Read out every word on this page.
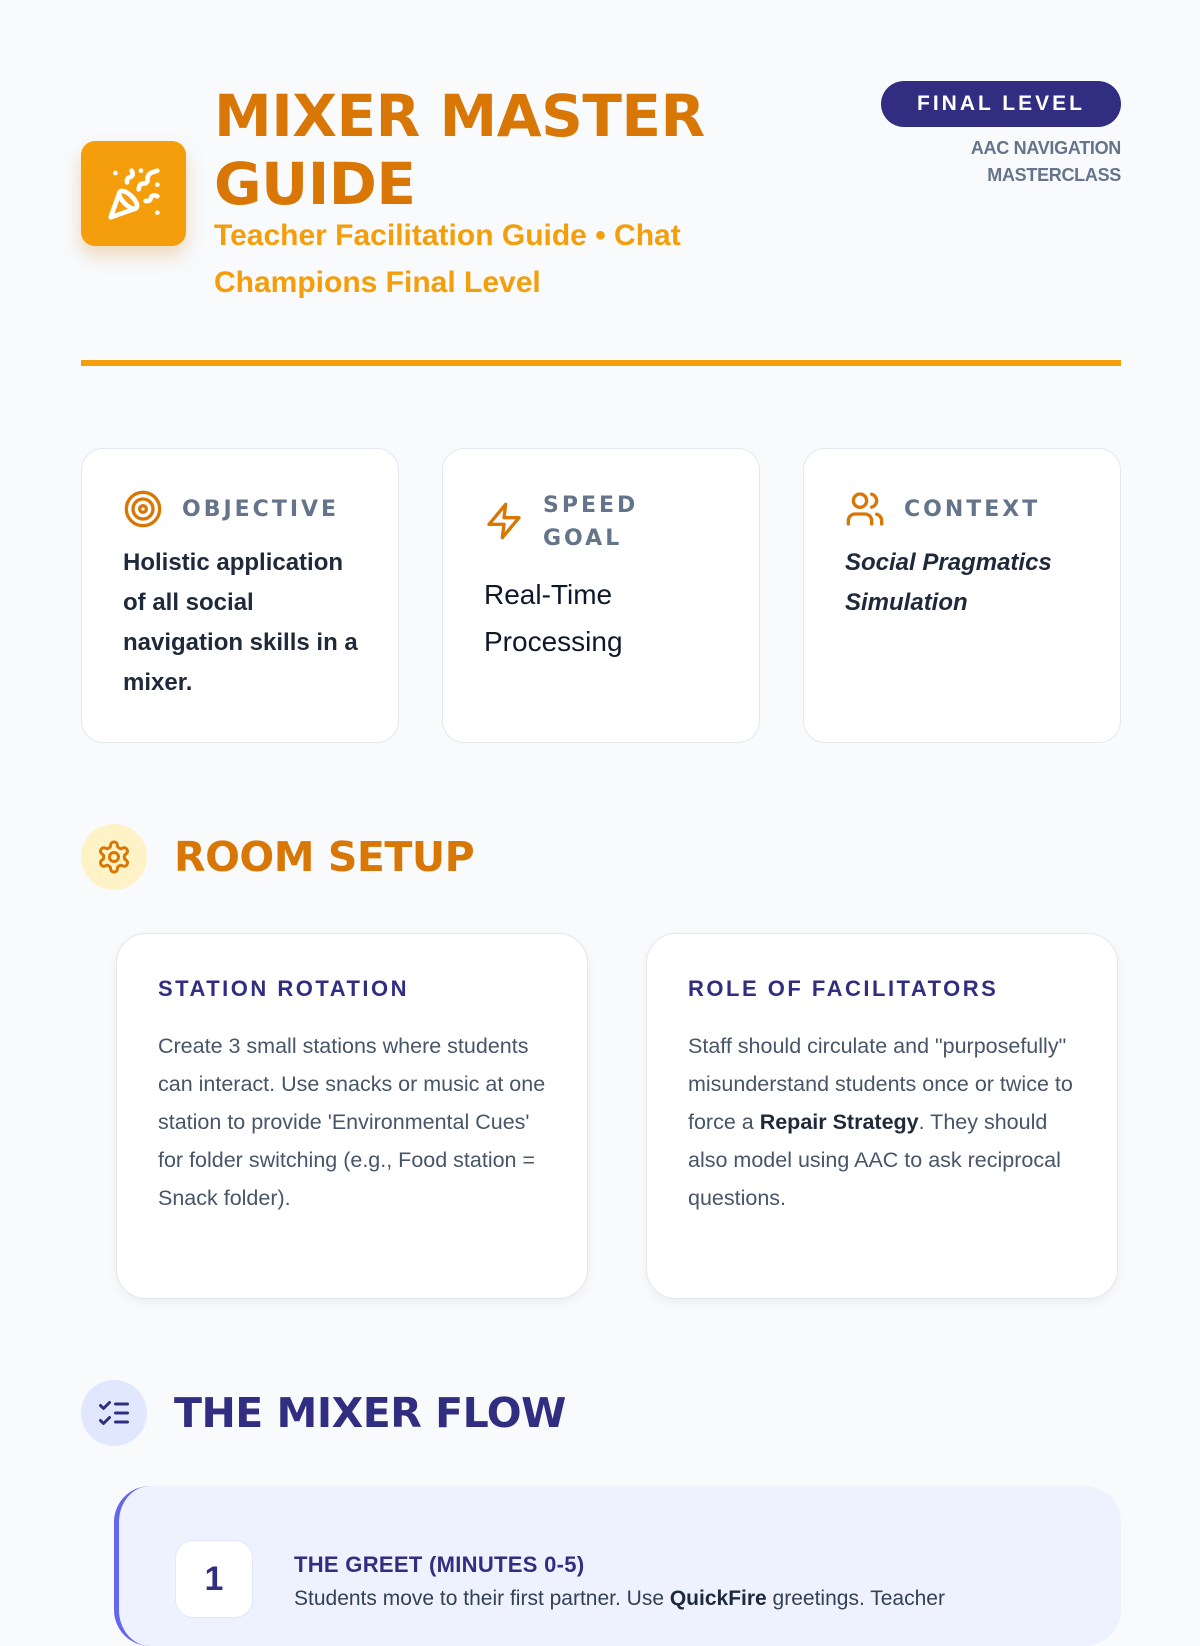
MIXER MASTER GUIDE

Teacher Facilitation Guide • Chat Champions Final Level

FINAL LEVEL
AAC NAVIGATION MASTERCLASS
OBJECTIVE
Holistic application of all social navigation skills in a mixer.
SPEED GOAL
Real-Time Processing
CONTEXT
Social Pragmatics Simulation
ROOM SETUP
STATION ROTATION
Create 3 small stations where students can interact. Use snacks or music at one station to provide 'Environmental Cues' for folder switching (e.g., Food station = Snack folder).
ROLE OF FACILITATORS
Staff should circulate and "purposefully" misunderstand students once or twice to force a Repair Strategy. They should also model using AAC to ask reciprocal questions.
THE MIXER FLOW
1	THE GREET (MINUTES 0-5)
Students move to their first partner. Use QuickFire greetings. Teacher
